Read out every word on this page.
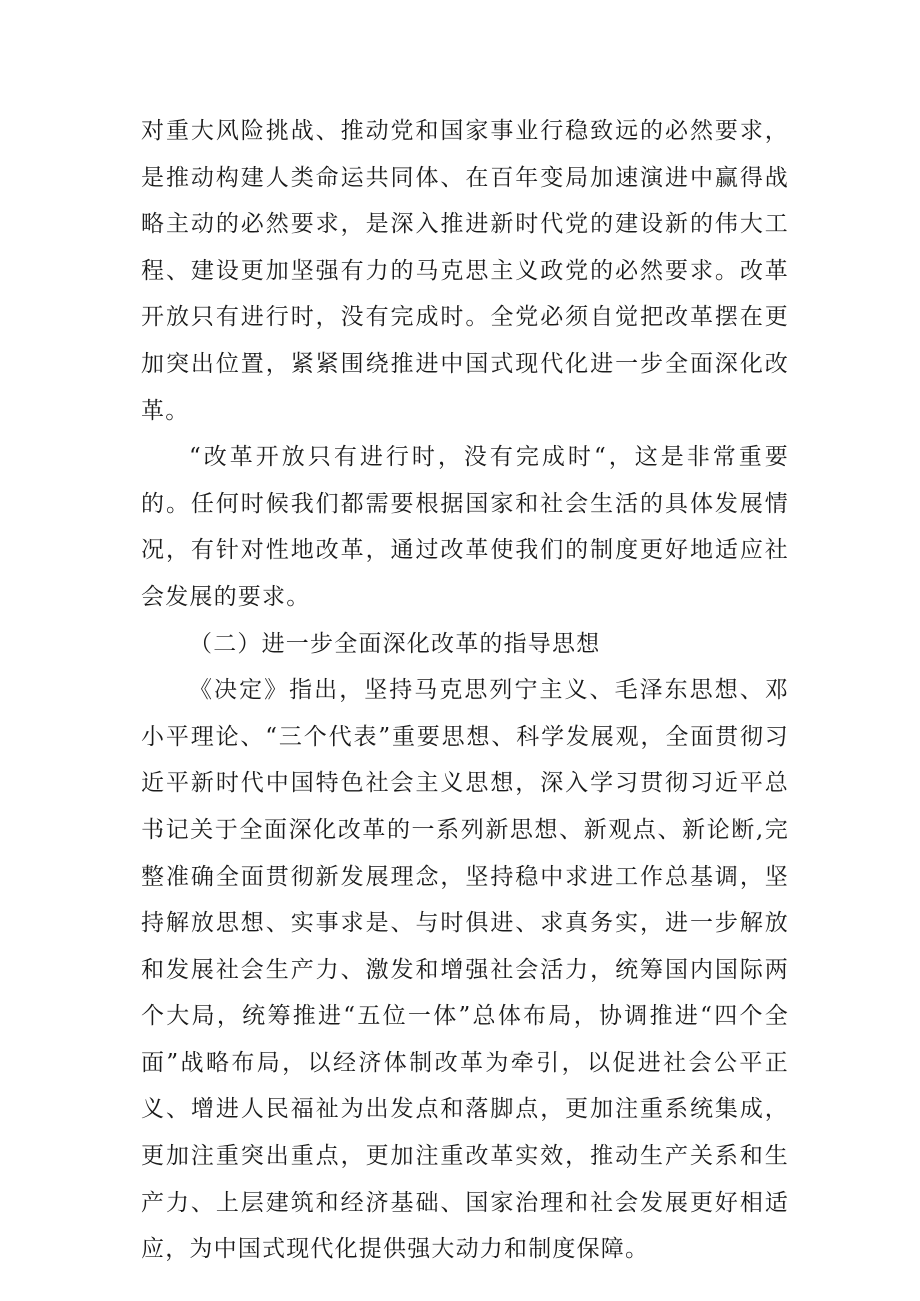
对重大风险挑战、推动党和国家事业行稳致远的必然要求，是推动构建人类命运共同体、在百年变局加速演进中赢得战略主动的必然要求，是深入推进新时代党的建设新的伟大工程、建设更加坚强有力的马克思主义政党的必然要求。改革开放只有进行时，没有完成时。全党必须自觉把改革摆在更加突出位置，紧紧围绕推进中国式现代化进一步全面深化改革。

“改革开放只有进行时，没有完成时“，这是非常重要的。任何时候我们都需要根据国家和社会生活的具体发展情况，有针对性地改革，通过改革使我们的制度更好地适应社会发展的要求。

（二）进一步全面深化改革的指导思想

《决定》指出，坚持马克思列宁主义、毛泽东思想、邓小平理论、“三个代表”重要思想、科学发展观，全面贯彻习近平新时代中国特色社会主义思想，深入学习贯彻习近平总书记关于全面深化改革的一系列新思想、新观点、新论断,完整准确全面贯彻新发展理念，坚持稳中求进工作总基调，坚持解放思想、实事求是、与时俱进、求真务实，进一步解放和发展社会生产力、激发和增强社会活力，统筹国内国际两个大局，统筹推进“五位一体”总体布局，协调推进“四个全面”战略布局，以经济体制改革为牵引，以促进社会公平正义、增进人民福祉为出发点和落脚点，更加注重系统集成，更加注重突出重点，更加注重改革实效，推动生产关系和生产力、上层建筑和经济基础、国家治理和社会发展更好相适应，为中国式现代化提供强大动力和制度保障。
